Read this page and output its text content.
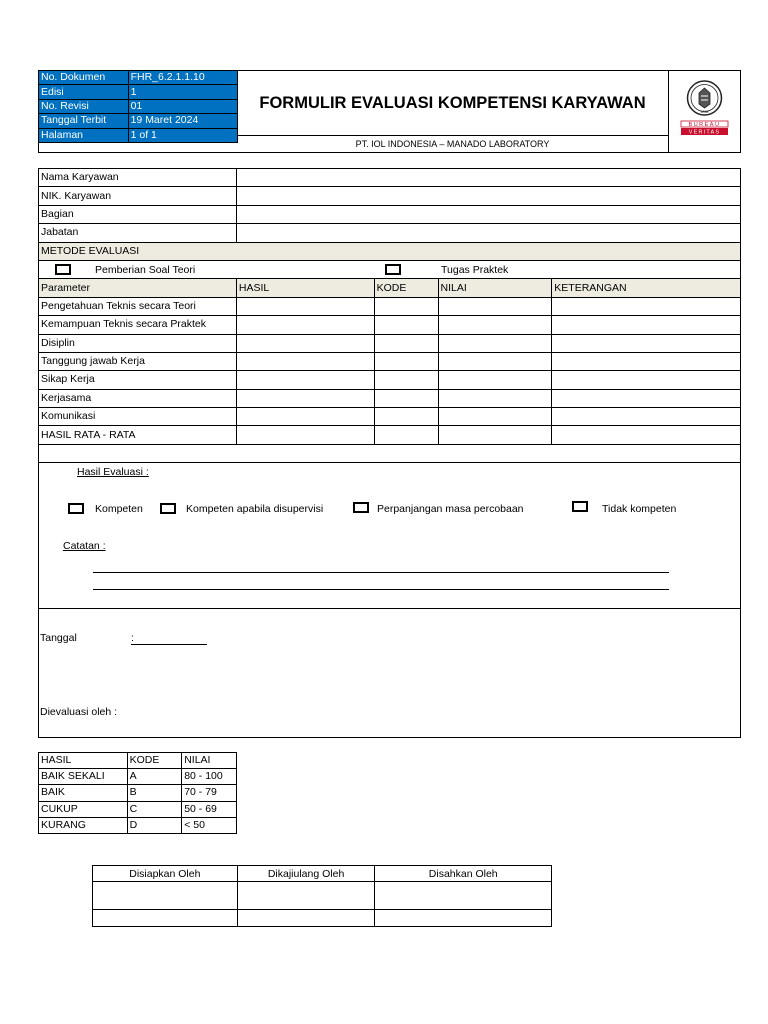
No. Dokumen	FHR_6.2.1.1.10
Edisi	1
No. Revisi	01
Tanggal Terbit	19 Maret 2024
Halaman	1 of 1
FORMULIR EVALUASI KOMPETENSI KARYAWAN
PT. IOL INDONESIA – MANADO LABORATORY
1828
BUREAU
VERITAS
Nama Karyawan				
NIK. Karyawan				
Bagian				
Jabatan				
METODE EVALUASI				

Pemberian Soal Teori Tugas Praktek				

Parameter	HASIL	KODE	NILAI	KETERANGAN
Pengetahuan Teknis secara Teori				
Kemampuan Teknis secara Praktek				
Disiplin				
Tanggung jawab Kerja				
Sikap Kerja				
Kerjasama				
Komunikasi				
HASIL RATA - RATA				

Hasil Evaluasi :
Kompeten	Kompeten apabila disupervisi	Perpanjangan masa percobaan	Tidak kompeten
Catatan :
Tanggal	:
Dievaluasi oleh :
HASIL	KODE	NILAI
BAIK SEKALI	A	80 - 100
BAIK	B	70 - 79
CUKUP	C	50 - 69
KURANG	D	< 50
Disiapkan Oleh	Dikajiulang Oleh	Disahkan Oleh
